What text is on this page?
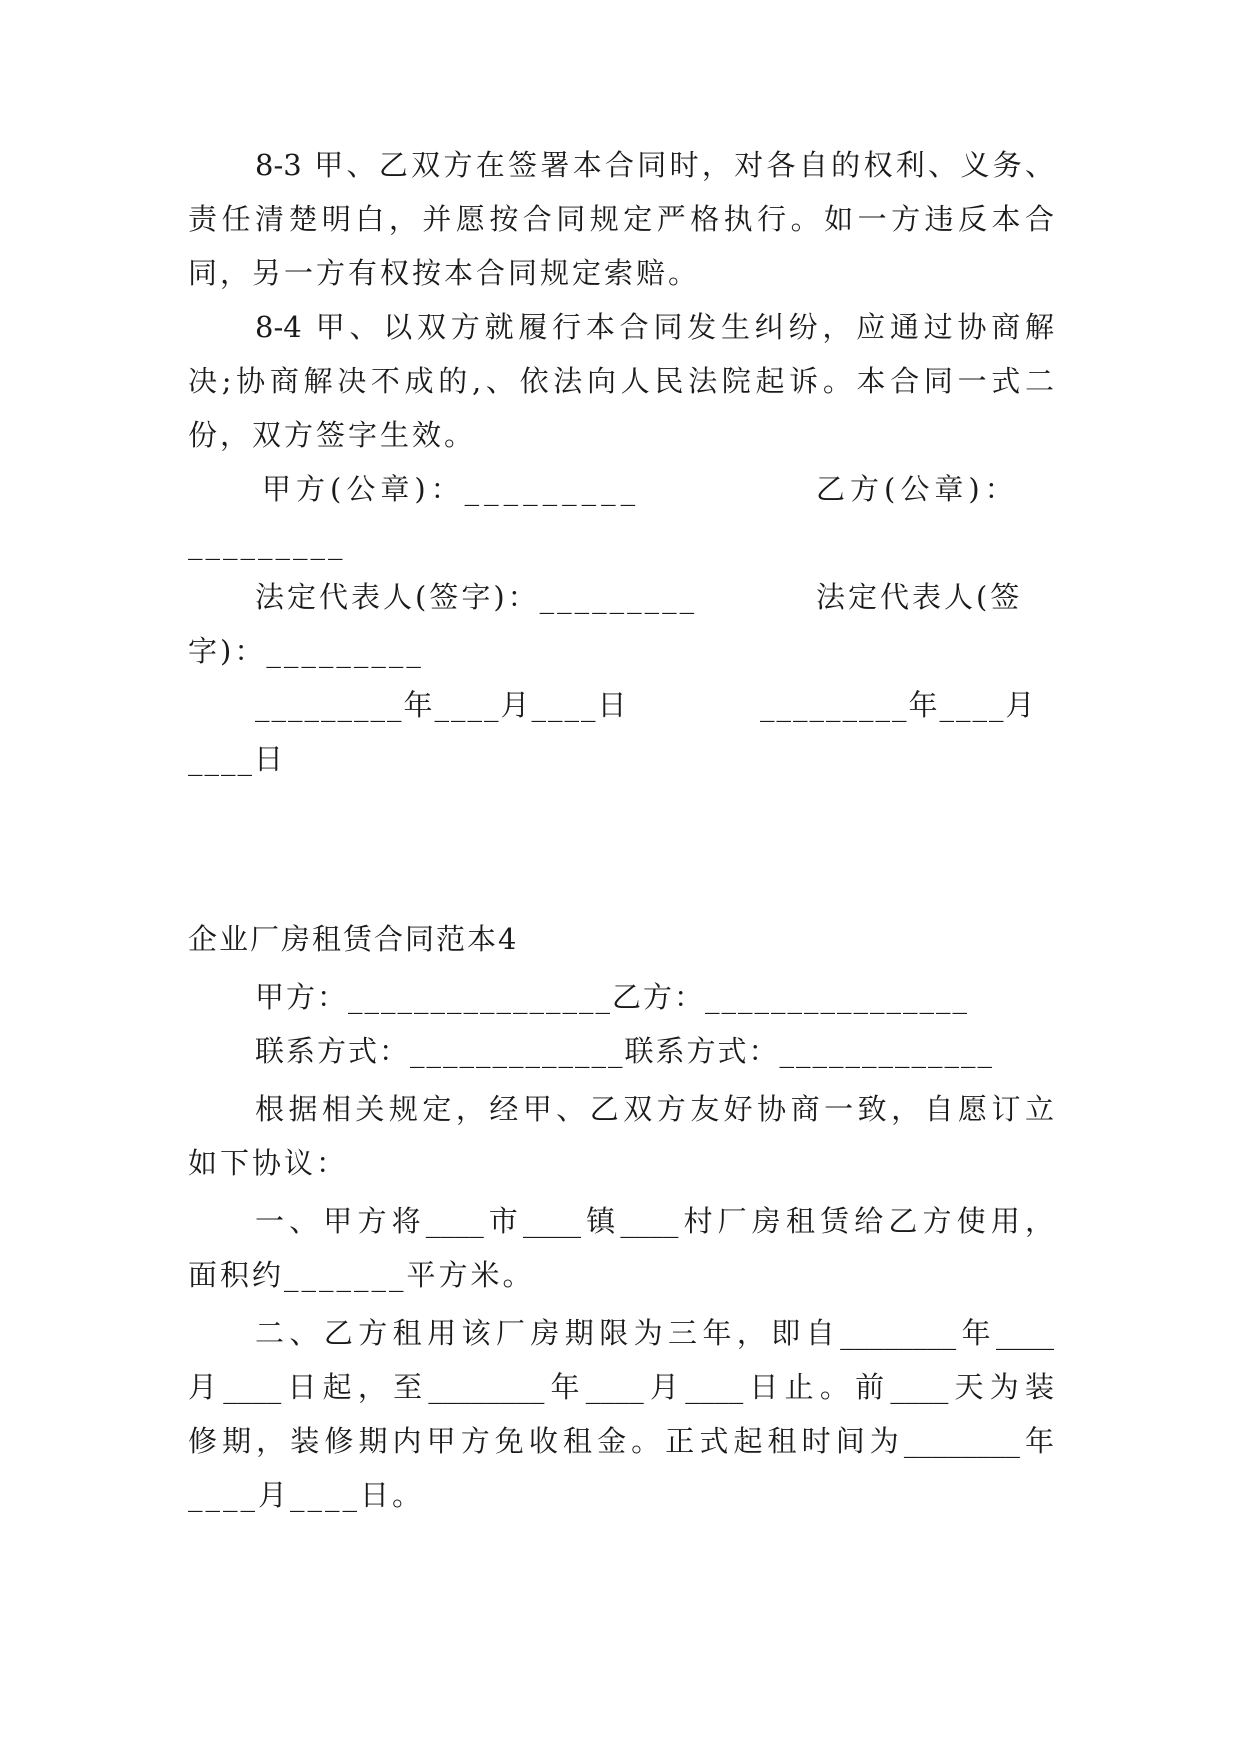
8-3 甲、乙双方在签署本合同时，对各自的权利、义务、
责任清楚明白，并愿按合同规定严格执行。如一方违反本合
同，另一方有权按本合同规定索赔。
8-4 甲、以双方就履行本合同发生纠纷，应通过协商解
决;协商解决不成的,、依法向人民法院起诉。本合同一式二
份，双方签字生效。
甲方(公章)：_________	乙方(公章)：
_________
法定代表人(签字)：_________	法定代表人(签
字)：_________
_________年____月____日	_________年____月
____日
企业厂房租赁合同范本4
甲方：________________乙方：________________
联系方式：_____________联系方式：_____________
根据相关规定，经甲、乙双方友好协商一致，自愿订立
如下协议：
一、甲方将____市____镇____村厂房租赁给乙方使用，
面积约_______平方米。
二、乙方租用该厂房期限为三年，即自________年____
月____日起，至________年____月____日止。前____天为装
修期，装修期内甲方免收租金。正式起租时间为________年
____月____日。
